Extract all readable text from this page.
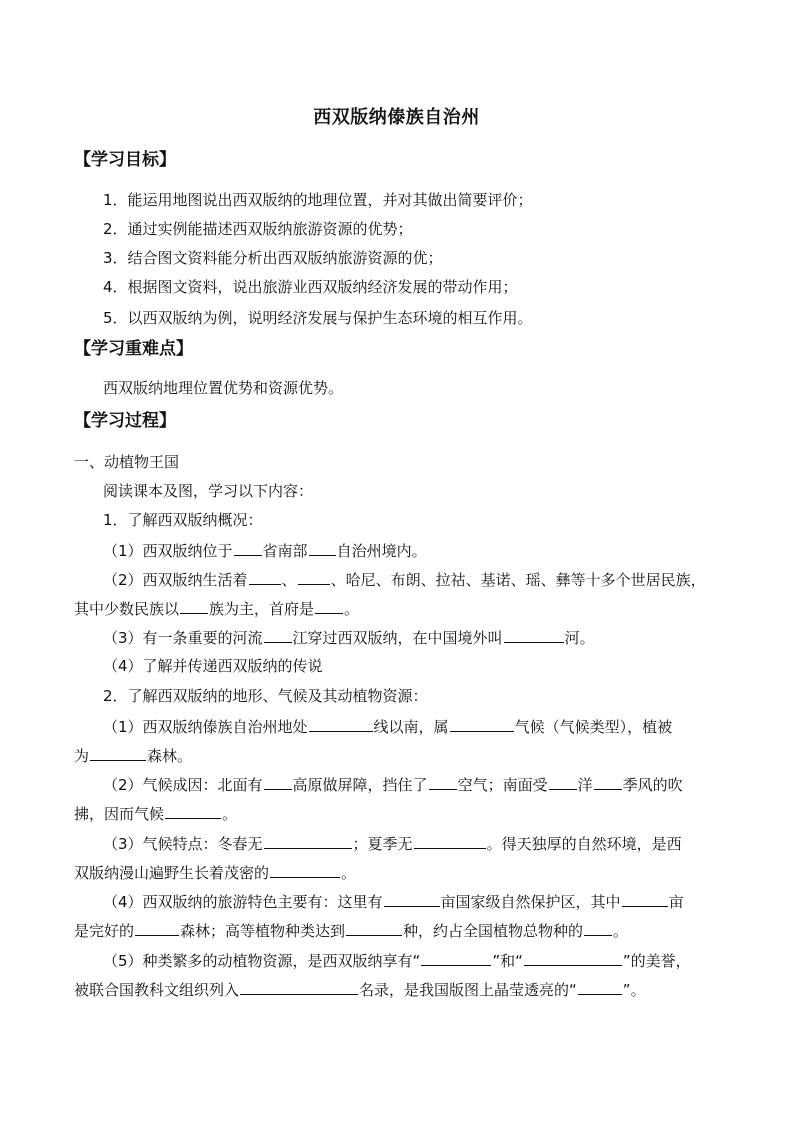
西双版纳傣族自治州
【学习目标】
1．能运用地图说出西双版纳的地理位置，并对其做出简要评价；
2．通过实例能描述西双版纳旅游资源的优势；
3．结合图文资料能分析出西双版纳旅游资源的优；
4．根据图文资料，说出旅游业西双版纳经济发展的带动作用；
5．以西双版纳为例，说明经济发展与保护生态环境的相互作用。
【学习重难点】
西双版纳地理位置优势和资源优势。
【学习过程】
一、动植物王国
阅读课本及图，学习以下内容：
1．了解西双版纳概况：
（1）西双版纳位于 省南部 自治州境内。
（2）西双版纳生活着 、 、哈尼、布朗、拉祜、基诺、瑶、彝等十多个世居民族，
其中少数民族以 族为主，首府是 。
（3）有一条重要的河流 江穿过西双版纳，在中国境外叫	河。
（4）了解并传递西双版纳的传说
2．了解西双版纳的地形、气候及其动植物资源：
（1）西双版纳傣族自治州地处	线以南，属	气候（气候类型），植被
为	森林。
（2）气候成因：北面有 高原做屏障，挡住了 空气；南面受 洋 季风的吹
拂，因而气候	。
（3）气候特点：冬春无	；夏季无	。得天独厚的自然环境，是西
双版纳漫山遍野生长着茂密的	。
（4）西双版纳的旅游特色主要有：这里有	亩国家级自然保护区，其中	亩
是完好的	森林；高等植物种类达到	种，约占全国植物总物种的 。
（5）种类繁多的动植物资源，是西双版纳享有“	”和“	”的美誉，
被联合国教科文组织列入	名录，是我国版图上晶莹透亮的“	”。
